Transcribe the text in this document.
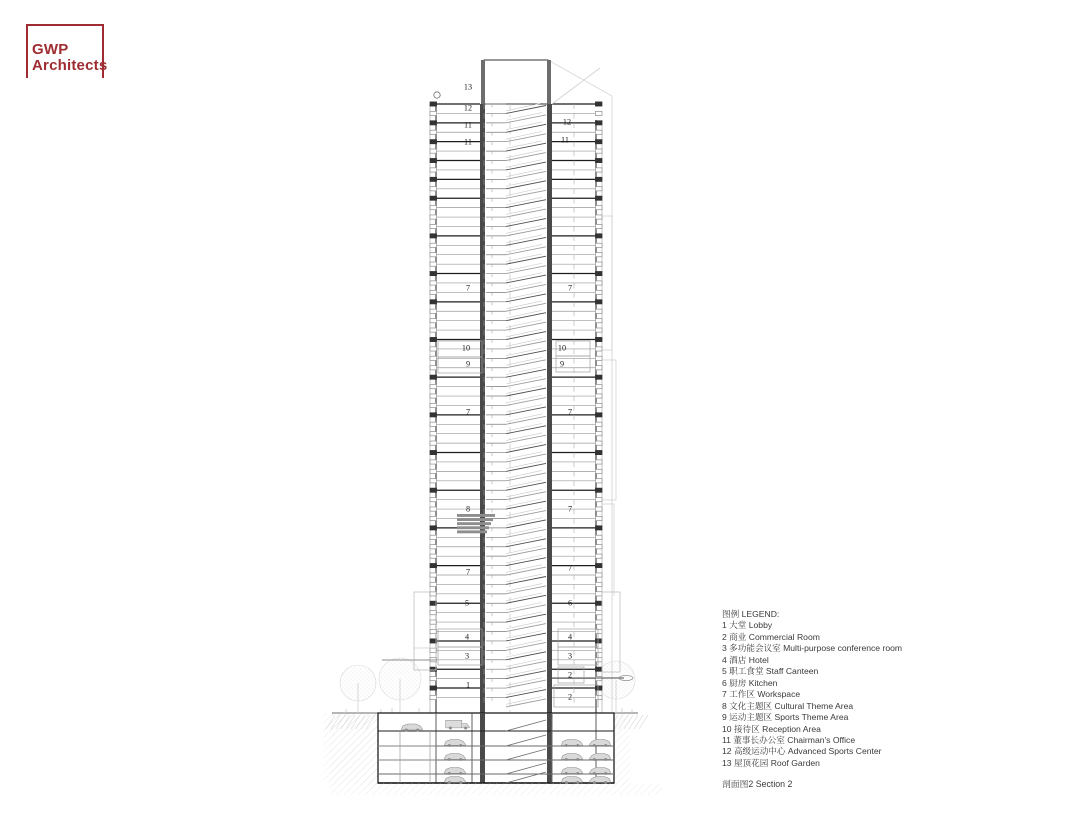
GWP
Architects
13
12
11
11
7
10
9
7
8
7
5
4
3
1
12
11
7
10
9
7
7
7
6
4
3
2
2
图例 LEGEND:
1 大堂 Lobby
2 商业 Commercial Room
3 多功能会议室 Multi-purpose conference room
4 酒店 Hotel
5 职工食堂 Staff Canteen
6 厨房 Kitchen
7 工作区 Workspace
8 文化主题区 Cultural Theme Area
9 运动主题区 Sports Theme Area
10 接待区 Reception Area
11 董事长办公室 Chairman's Office
12 高级运动中心 Advanced Sports Center
13 屋顶花园 Roof Garden
剖面图2 Section 2
